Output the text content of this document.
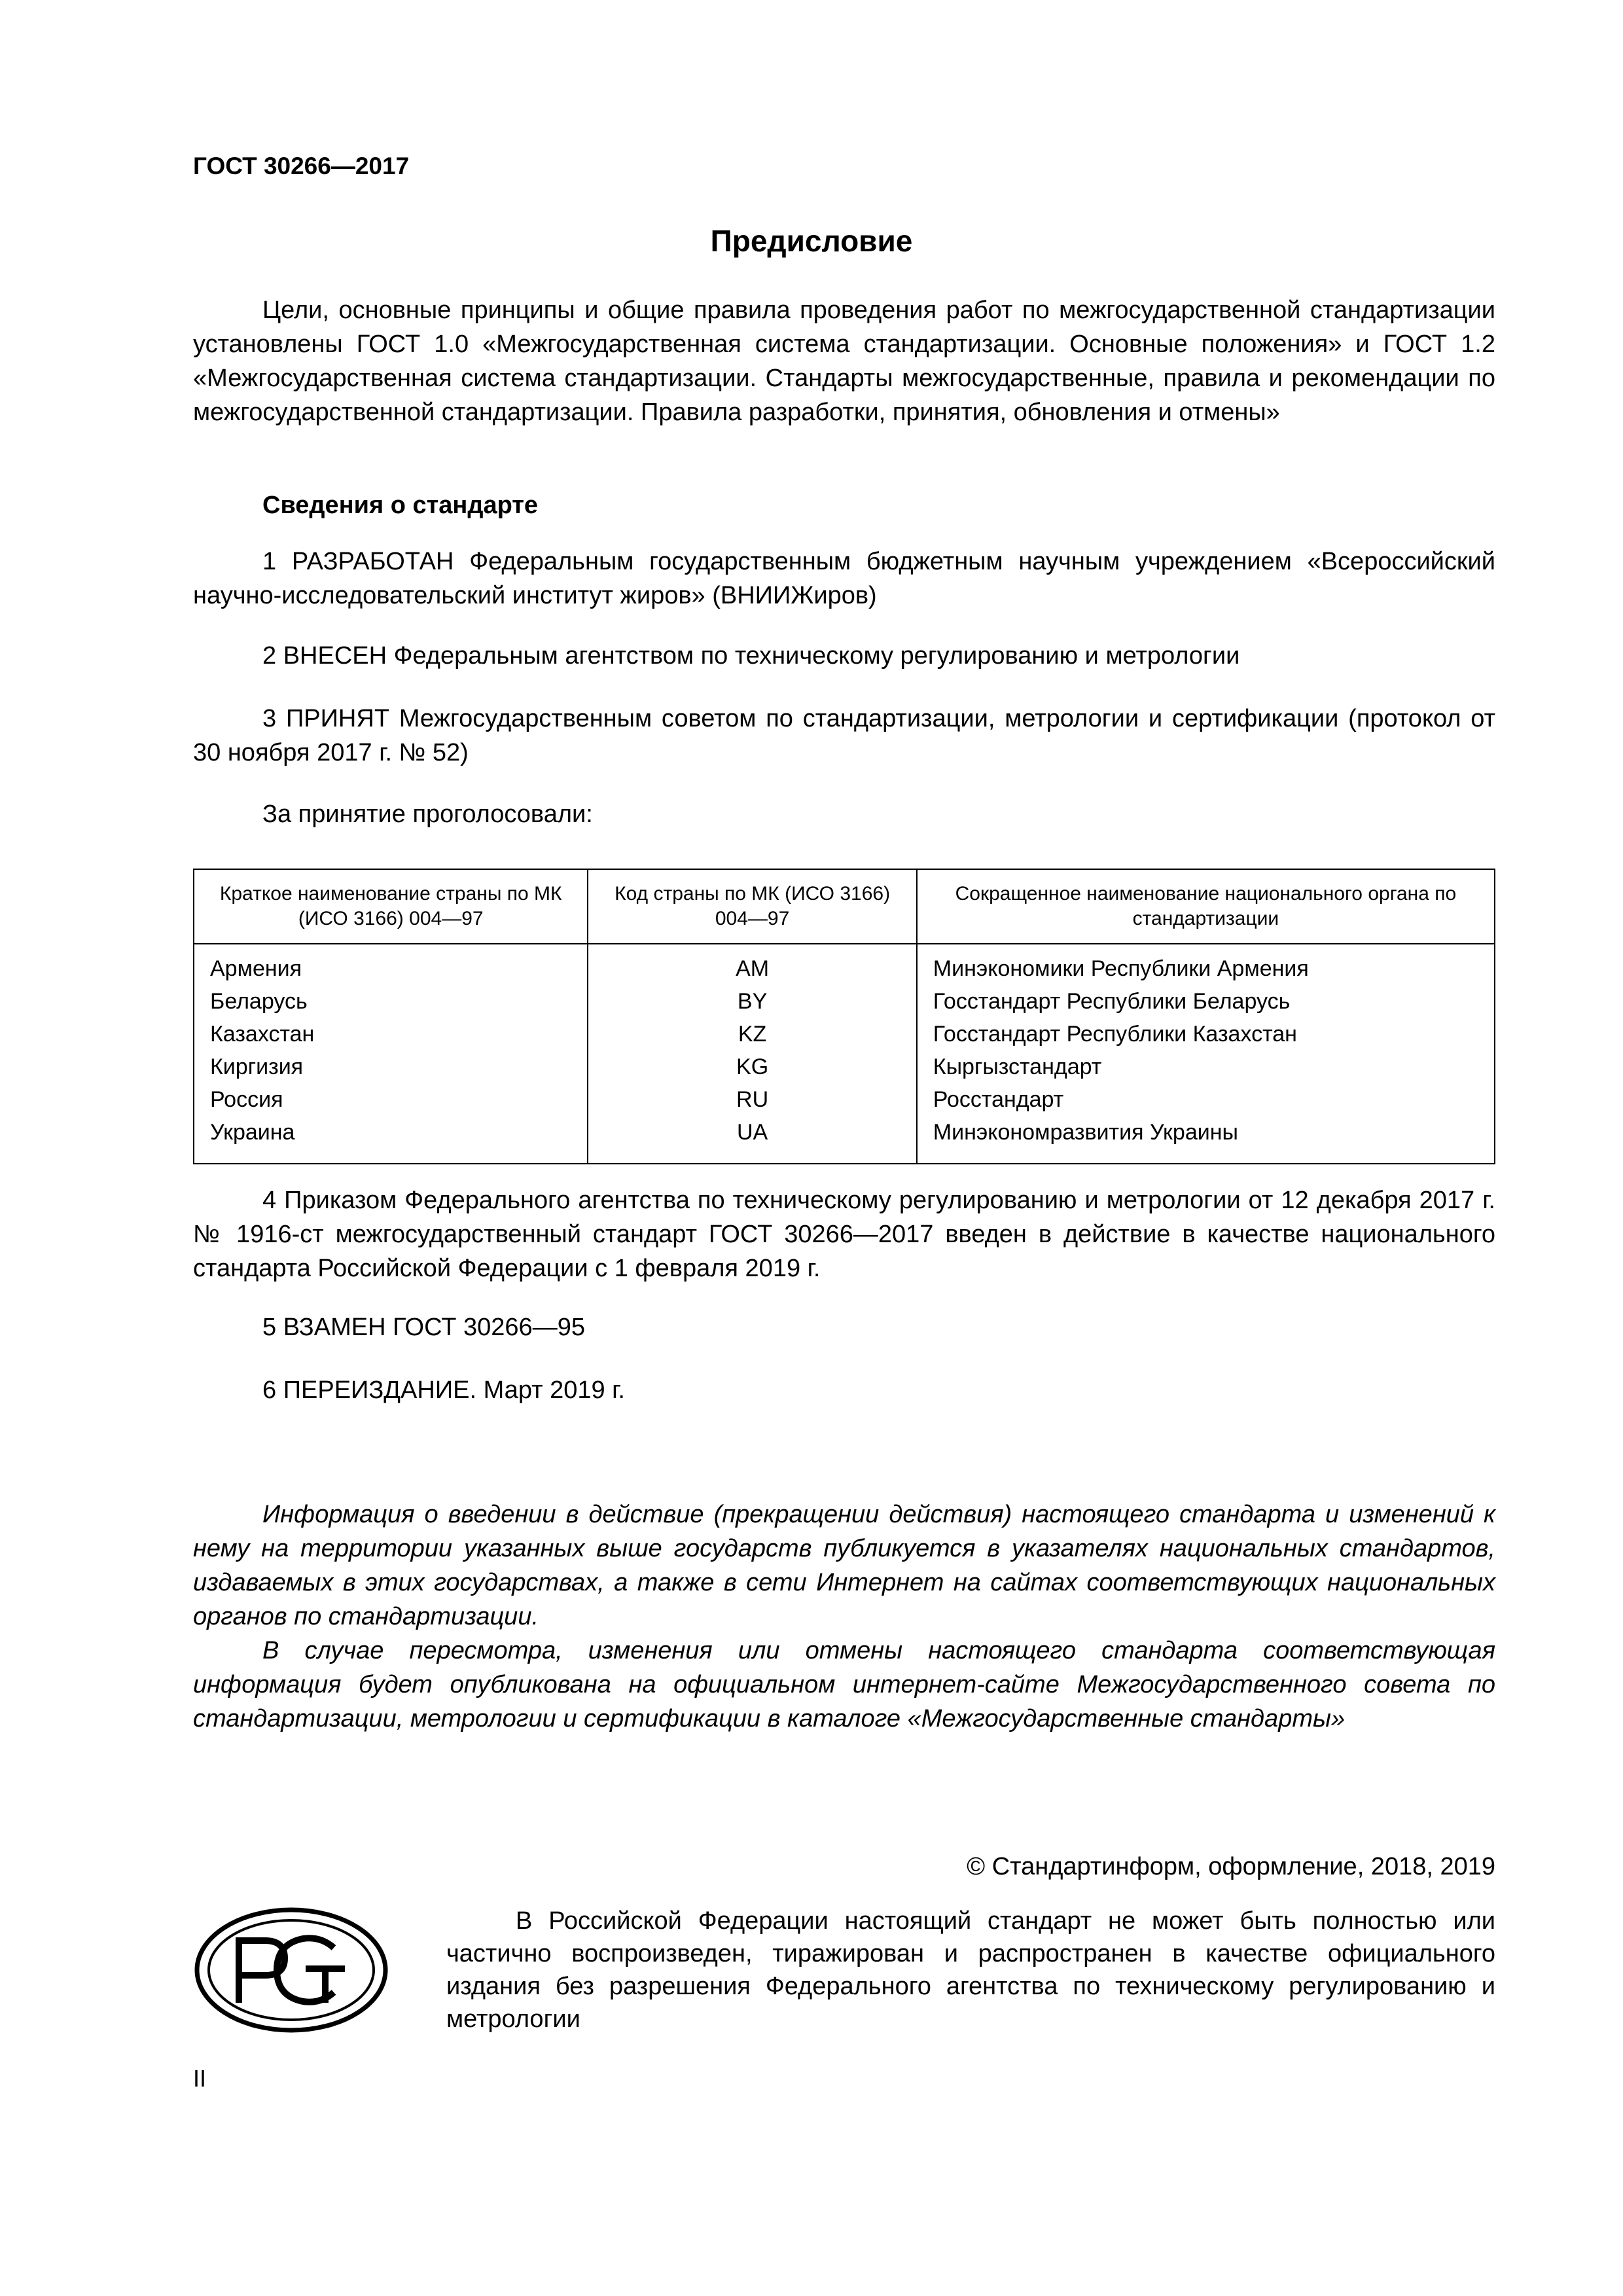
ГОСТ 30266—2017
Предисловие
Цели, основные принципы и общие правила проведения работ по межгосударственной стандартизации установлены ГОСТ 1.0 «Межгосударственная система стандартизации. Основные положения» и ГОСТ 1.2 «Межгосударственная система стандартизации. Стандарты межгосударственные, правила и рекомендации по межгосударственной стандартизации. Правила разработки, принятия, обновления и отмены»
Сведения о стандарте
1 РАЗРАБОТАН Федеральным государственным бюджетным научным учреждением «Всероссийский научно-исследовательский институт жиров» (ВНИИЖиров)
2 ВНЕСЕН Федеральным агентством по техническому регулированию и метрологии
3 ПРИНЯТ Межгосударственным советом по стандартизации, метрологии и сертификации (протокол от 30 ноября 2017 г. № 52)
За принятие проголосовали:
Краткое наименование страны по МК (ИСО 3166) 004—97	Код страны по МК (ИСО 3166) 004—97	Сокращенное наименование национального органа по стандартизации
Армения	AM	Минэкономики Республики Армения
Беларусь	BY	Госстандарт Республики Беларусь
Казахстан	KZ	Госстандарт Республики Казахстан
Киргизия	KG	Кыргызстандарт
Россия	RU	Росстандарт
Украина	UA	Минэкономразвития Украины
4 Приказом Федерального агентства по техническому регулированию и метрологии от 12 декабря 2017 г. № 1916-ст межгосударственный стандарт ГОСТ 30266—2017 введен в действие в качестве национального стандарта Российской Федерации с 1 февраля 2019 г.
5 ВЗАМЕН ГОСТ 30266—95
6 ПЕРЕИЗДАНИЕ. Март 2019 г.
Информация о введении в действие (прекращении действия) настоящего стандарта и изменений к нему на территории указанных выше государств публикуется в указателях национальных стандартов, издаваемых в этих государствах, а также в сети Интернет на сайтах соответствующих национальных органов по стандартизации.
В случае пересмотра, изменения или отмены настоящего стандарта соответствующая информация будет опубликована на официальном интернет-сайте Межгосударственного совета по стандартизации, метрологии и сертификации в каталоге «Межгосударственные стандарты»
© Стандартинформ, оформление, 2018, 2019
В Российской Федерации настоящий стандарт не может быть полностью или частично воспроизведен, тиражирован и распространен в качестве официального издания без разрешения Федерального агентства по техническому регулированию и метрологии
II
